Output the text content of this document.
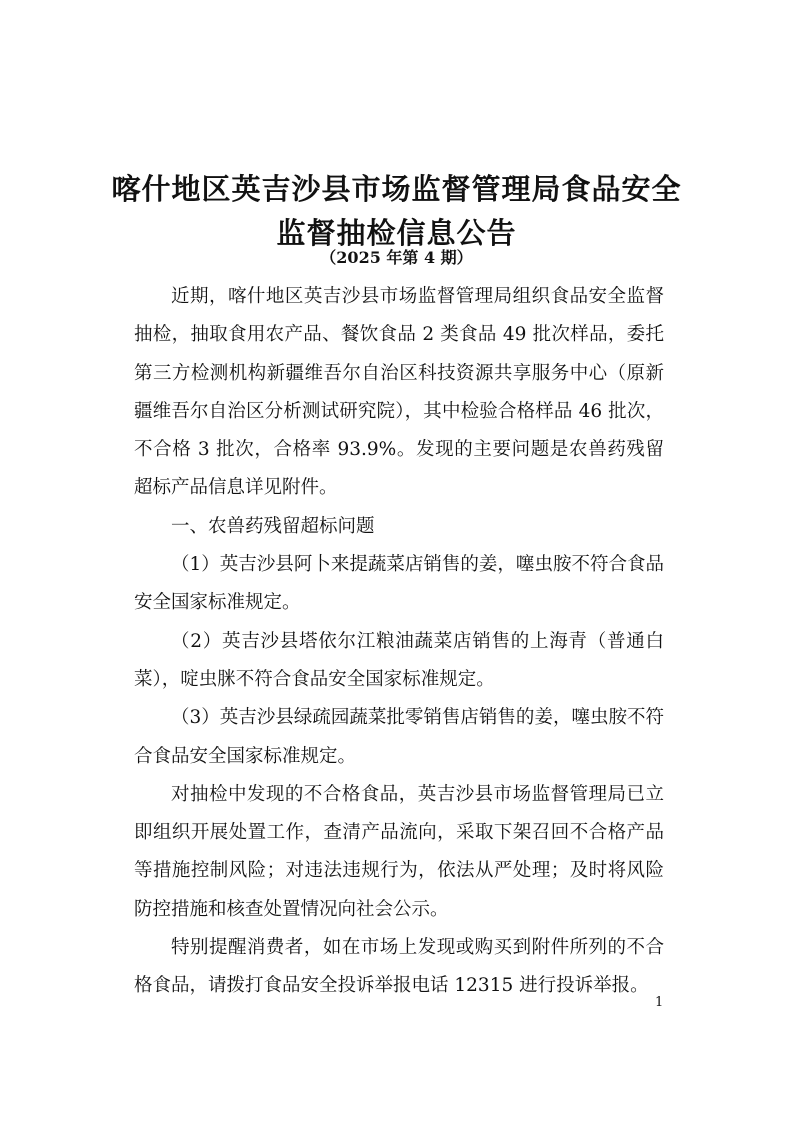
喀什地区英吉沙县市场监督管理局食品安全监督抽检信息公告
（2025 年第 4 期）

近期，喀什地区英吉沙县市场监督管理局组织食品安全监督抽检，抽取食用农产品、餐饮食品 2 类食品 49 批次样品，委托第三方检测机构新疆维吾尔自治区科技资源共享服务中心（原新疆维吾尔自治区分析测试研究院），其中检验合格样品 46 批次，不合格 3 批次，合格率 93.9%。发现的主要问题是农兽药残留超标产品信息详见附件。

一、农兽药残留超标问题

（1）英吉沙县阿卜来提蔬菜店销售的姜，噻虫胺不符合食品安全国家标准规定。

（2）英吉沙县塔依尔江粮油蔬菜店销售的上海青（普通白菜），啶虫脒不符合食品安全国家标准规定。

（3）英吉沙县绿疏园蔬菜批零销售店销售的姜，噻虫胺不符合食品安全国家标准规定。

对抽检中发现的不合格食品，英吉沙县市场监督管理局已立即组织开展处置工作，查清产品流向，采取下架召回不合格产品等措施控制风险；对违法违规行为，依法从严处理；及时将风险防控措施和核查处置情况向社会公示。

特别提醒消费者，如在市场上发现或购买到附件所列的不合格食品，请拨打食品安全投诉举报电话 12315 进行投诉举报。

1
